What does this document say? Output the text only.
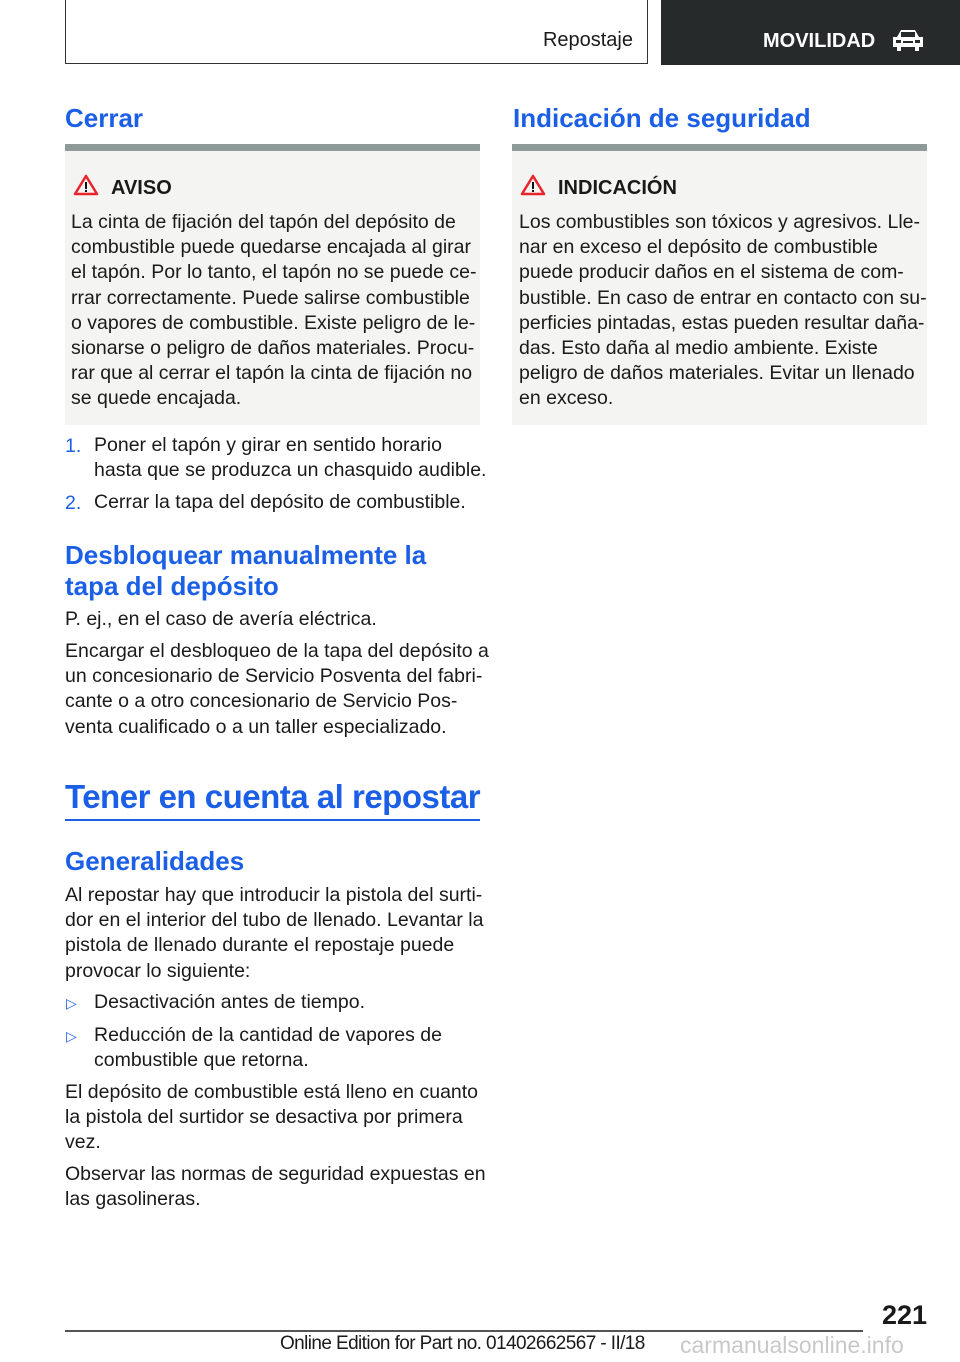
Repostaje	MOVILIDAD
Cerrar
AVISO
La cinta de fijación del tapón del depósito de
combustible puede quedarse encajada al girar
el tapón. Por lo tanto, el tapón no se puede ce-
rrar correctamente. Puede salirse combustible
o vapores de combustible. Existe peligro de le-
sionarse o peligro de daños materiales. Procu-
rar que al cerrar el tapón la cinta de fijación no
se quede encajada.
1. Poner el tapón y girar en sentido horario
hasta que se produzca un chasquido audible.
2. Cerrar la tapa del depósito de combustible.
Desbloquear manualmente la
tapa del depósito
P. ej., en el caso de avería eléctrica.
Encargar el desbloqueo de la tapa del depósito a
un concesionario de Servicio Posventa del fabri-
cante o a otro concesionario de Servicio Pos-
venta cualificado o a un taller especializado.
Tener en cuenta al repostar
Generalidades
Al repostar hay que introducir la pistola del surti-
dor en el interior del tubo de llenado. Levantar la
pistola de llenado durante el repostaje puede
provocar lo siguiente:
▷ Desactivación antes de tiempo.
▷ Reducción de la cantidad de vapores de
combustible que retorna.
El depósito de combustible está lleno en cuanto
la pistola del surtidor se desactiva por primera
vez.
Observar las normas de seguridad expuestas en
las gasolineras.
Indicación de seguridad
INDICACIÓN
Los combustibles son tóxicos y agresivos. Lle-
nar en exceso el depósito de combustible
puede producir daños en el sistema de com-
bustible. En caso de entrar en contacto con su-
perficies pintadas, estas pueden resultar daña-
das. Esto daña al medio ambiente. Existe
peligro de daños materiales. Evitar un llenado
en exceso.
221
Online Edition for Part no. 01402662567 - II/18 carmanualsonline.info
